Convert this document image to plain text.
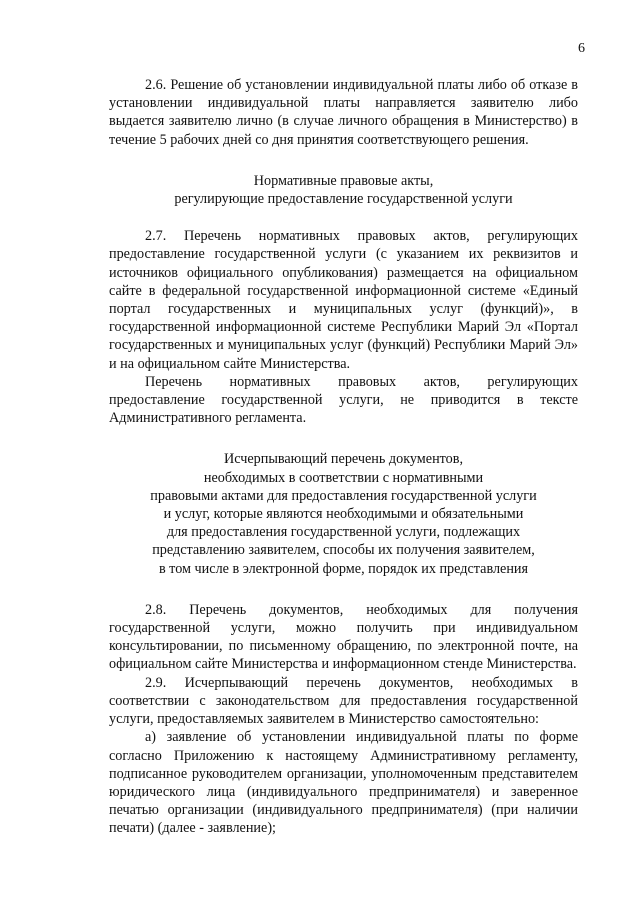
6

2.6. Решение об установлении индивидуальной платы либо об отказе в установлении индивидуальной платы направляется заявителю либо выдается заявителю лично (в случае личного обращения в Министерство) в течение 5 рабочих дней со дня принятия соответствующего решения.

Нормативные правовые акты,
регулирующие предоставление государственной услуги

2.7. Перечень нормативных правовых актов, регулирующих предоставление государственной услуги (с указанием их реквизитов и источников официального опубликования) размещается на официальном сайте в федеральной государственной информационной системе «Единый портал государственных и муниципальных услуг (функций)», в государственной информационной системе Республики Марий Эл «Портал государственных и муниципальных услуг (функций) Республики Марий Эл» и на официальном сайте Министерства.

Перечень нормативных правовых актов, регулирующих предоставление государственной услуги, не приводится в тексте Административного регламента.

Исчерпывающий перечень документов,
необходимых в соответствии с нормативными
правовыми актами для предоставления государственной услуги
и услуг, которые являются необходимыми и обязательными
для предоставления государственной услуги, подлежащих
представлению заявителем, способы их получения заявителем,
в том числе в электронной форме, порядок их представления

2.8. Перечень документов, необходимых для получения государственной услуги, можно получить при индивидуальном консультировании, по письменному обращению, по электронной почте, на официальном сайте Министерства и информационном стенде Министерства.

2.9. Исчерпывающий перечень документов, необходимых в соответствии с законодательством для предоставления государственной услуги, предоставляемых заявителем в Министерство самостоятельно:

а) заявление об установлении индивидуальной платы по форме согласно Приложению к настоящему Административному регламенту, подписанное руководителем организации, уполномоченным представителем юридического лица (индивидуального предпринимателя) и заверенное печатью организации (индивидуального предпринимателя) (при наличии печати) (далее - заявление);
